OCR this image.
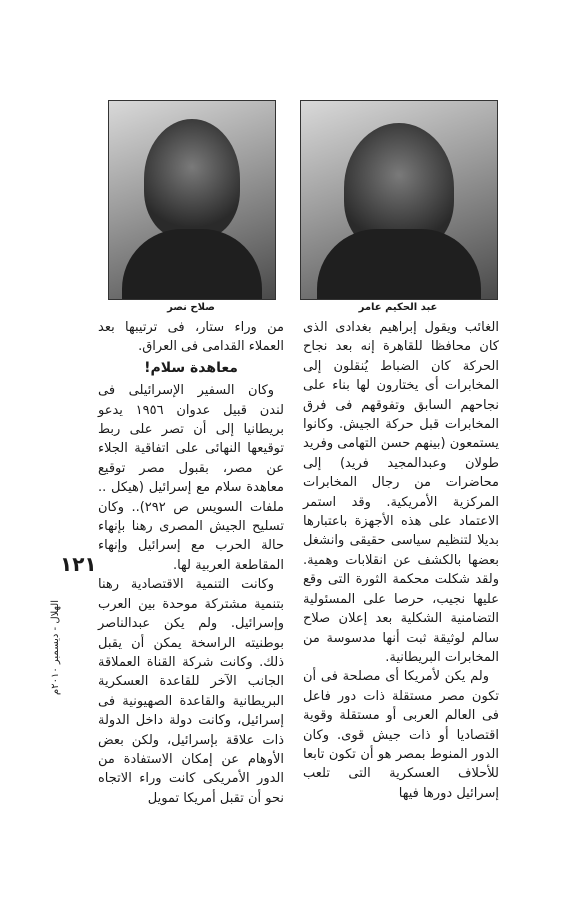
صلاح نصر	عبد الحكيم عامر

الغائب ويقول إبراهيم بغدادى الذى كان محافظا للقاهرة إنه بعد نجاح الحركة كان الضباط يُنقلون إلى المخابرات أى يختارون لها بناء على نجاحهم السابق وتفوقهم فى فرق المخابرات قبل حركة الجيش. وكانوا يستمعون (بينهم حسن التهامى وفريد طولان وعبدالمجيد فريد) إلى محاضرات من رجال المخابرات المركزية الأمريكية. وقد استمر الاعتماد على هذه الأجهزة باعتبارها بديلا لتنظيم سياسى حقيقى وانشغل بعضها بالكشف عن انقلابات وهمية. ولقد شكلت محكمة الثورة التى وقع عليها نجيب، حرصا على المسئولية التضامنية الشكلية بعد إعلان صلاح سالم لوثيقة ثبت أنها مدسوسة من المخابرات البريطانية.

ولم يكن لأمريكا أى مصلحة فى أن تكون مصر مستقلة ذات دور فاعل فى العالم العربى أو مستقلة وقوية اقتصاديا أو ذات جيش قوى. وكان الدور المنوط بمصر هو أن تكون تابعا للأحلاف العسكرية التى تلعب إسرائيل دورها فيها

من وراء ستار، فى ترتيبها بعد العملاء القدامى فى العراق.

معاهدة سلام!

وكان السفير الإسرائيلى فى لندن قبيل عدوان ١٩٥٦ يدعو بريطانيا إلى أن تصر على ربط توقيعها النهائى على اتفاقية الجلاء عن مصر، بقبول مصر توقيع معاهدة سلام مع إسرائيل (هيكل .. ملفات السويس ص ٢٩٢).. وكان تسليح الجيش المصرى رهنا بإنهاء حالة الحرب مع إسرائيل وإنهاء المقاطعة العربية لها.

وكانت التنمية الاقتصادية رهنا بتنمية مشتركة موحدة بين العرب وإسرائيل. ولم يكن عبدالناصر بوطنيته الراسخة يمكن أن يقبل ذلك. وكانت شركة القناة العملاقة الجانب الآخر للقاعدة العسكرية البريطانية والقاعدة الصهيونية فى إسرائيل، وكانت دولة داخل الدولة ذات علاقة بإسرائيل، ولكن بعض الأوهام عن إمكان الاستفادة من الدور الأمريكى كانت وراء الاتجاه نحو أن تقبل أمريكا تمويل

١٢١
الهلال - ديسمبر ٢٠١٠م
